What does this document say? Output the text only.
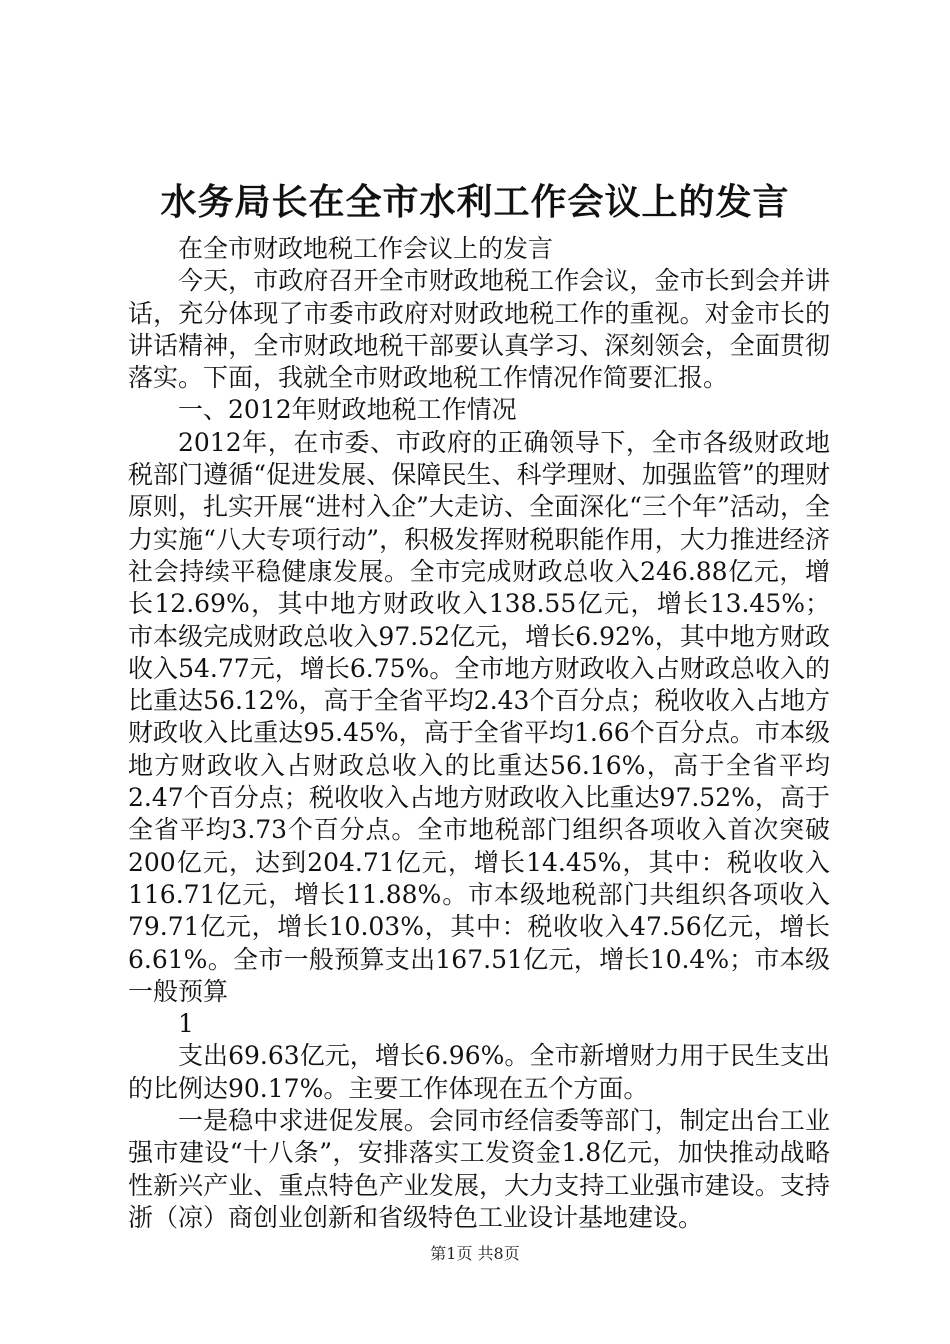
水务局长在全市水利工作会议上的发言

在全市财政地税工作会议上的发言

今天，市政府召开全市财政地税工作会议，金市长到会并讲话，充分体现了市委市政府对财政地税工作的重视。对金市长的讲话精神，全市财政地税干部要认真学习、深刻领会，全面贯彻落实。下面，我就全市财政地税工作情况作简要汇报。

一、2012年财政地税工作情况

2012年，在市委、市政府的正确领导下，全市各级财政地税部门遵循“促进发展、保障民生、科学理财、加强监管”的理财原则，扎实开展“进村入企”大走访、全面深化“三个年”活动，全力实施“八大专项行动”，积极发挥财税职能作用，大力推进经济社会持续平稳健康发展。全市完成财政总收入246.88亿元，增长12.69%，其中地方财政收入138.55亿元，增长13.45%；市本级完成财政总收入97.52亿元，增长6.92%，其中地方财政收入54.77元，增长6.75%。全市地方财政收入占财政总收入的比重达56.12%，高于全省平均2.43个百分点；税收收入占地方财政收入比重达95.45%，高于全省平均1.66个百分点。市本级地方财政收入占财政总收入的比重达56.16%，高于全省平均2.47个百分点；税收收入占地方财政收入比重达97.52%，高于全省平均3.73个百分点。全市地税部门组织各项收入首次突破200亿元，达到204.71亿元，增长14.45%，其中：税收收入116.71亿元，增长11.88%。市本级地税部门共组织各项收入79.71亿元，增长10.03%，其中：税收收入47.56亿元，增长6.61%。全市一般预算支出167.51亿元，增长10.4%；市本级一般预算

1

支出69.63亿元，增长6.96%。全市新增财力用于民生支出的比例达90.17%。主要工作体现在五个方面。

一是稳中求进促发展。会同市经信委等部门，制定出台工业强市建设“十八条”，安排落实工发资金1.8亿元，加快推动战略性新兴产业、重点特色产业发展，大力支持工业强市建设。支持浙（凉）商创业创新和省级特色工业设计基地建设。

第1页 共8页
